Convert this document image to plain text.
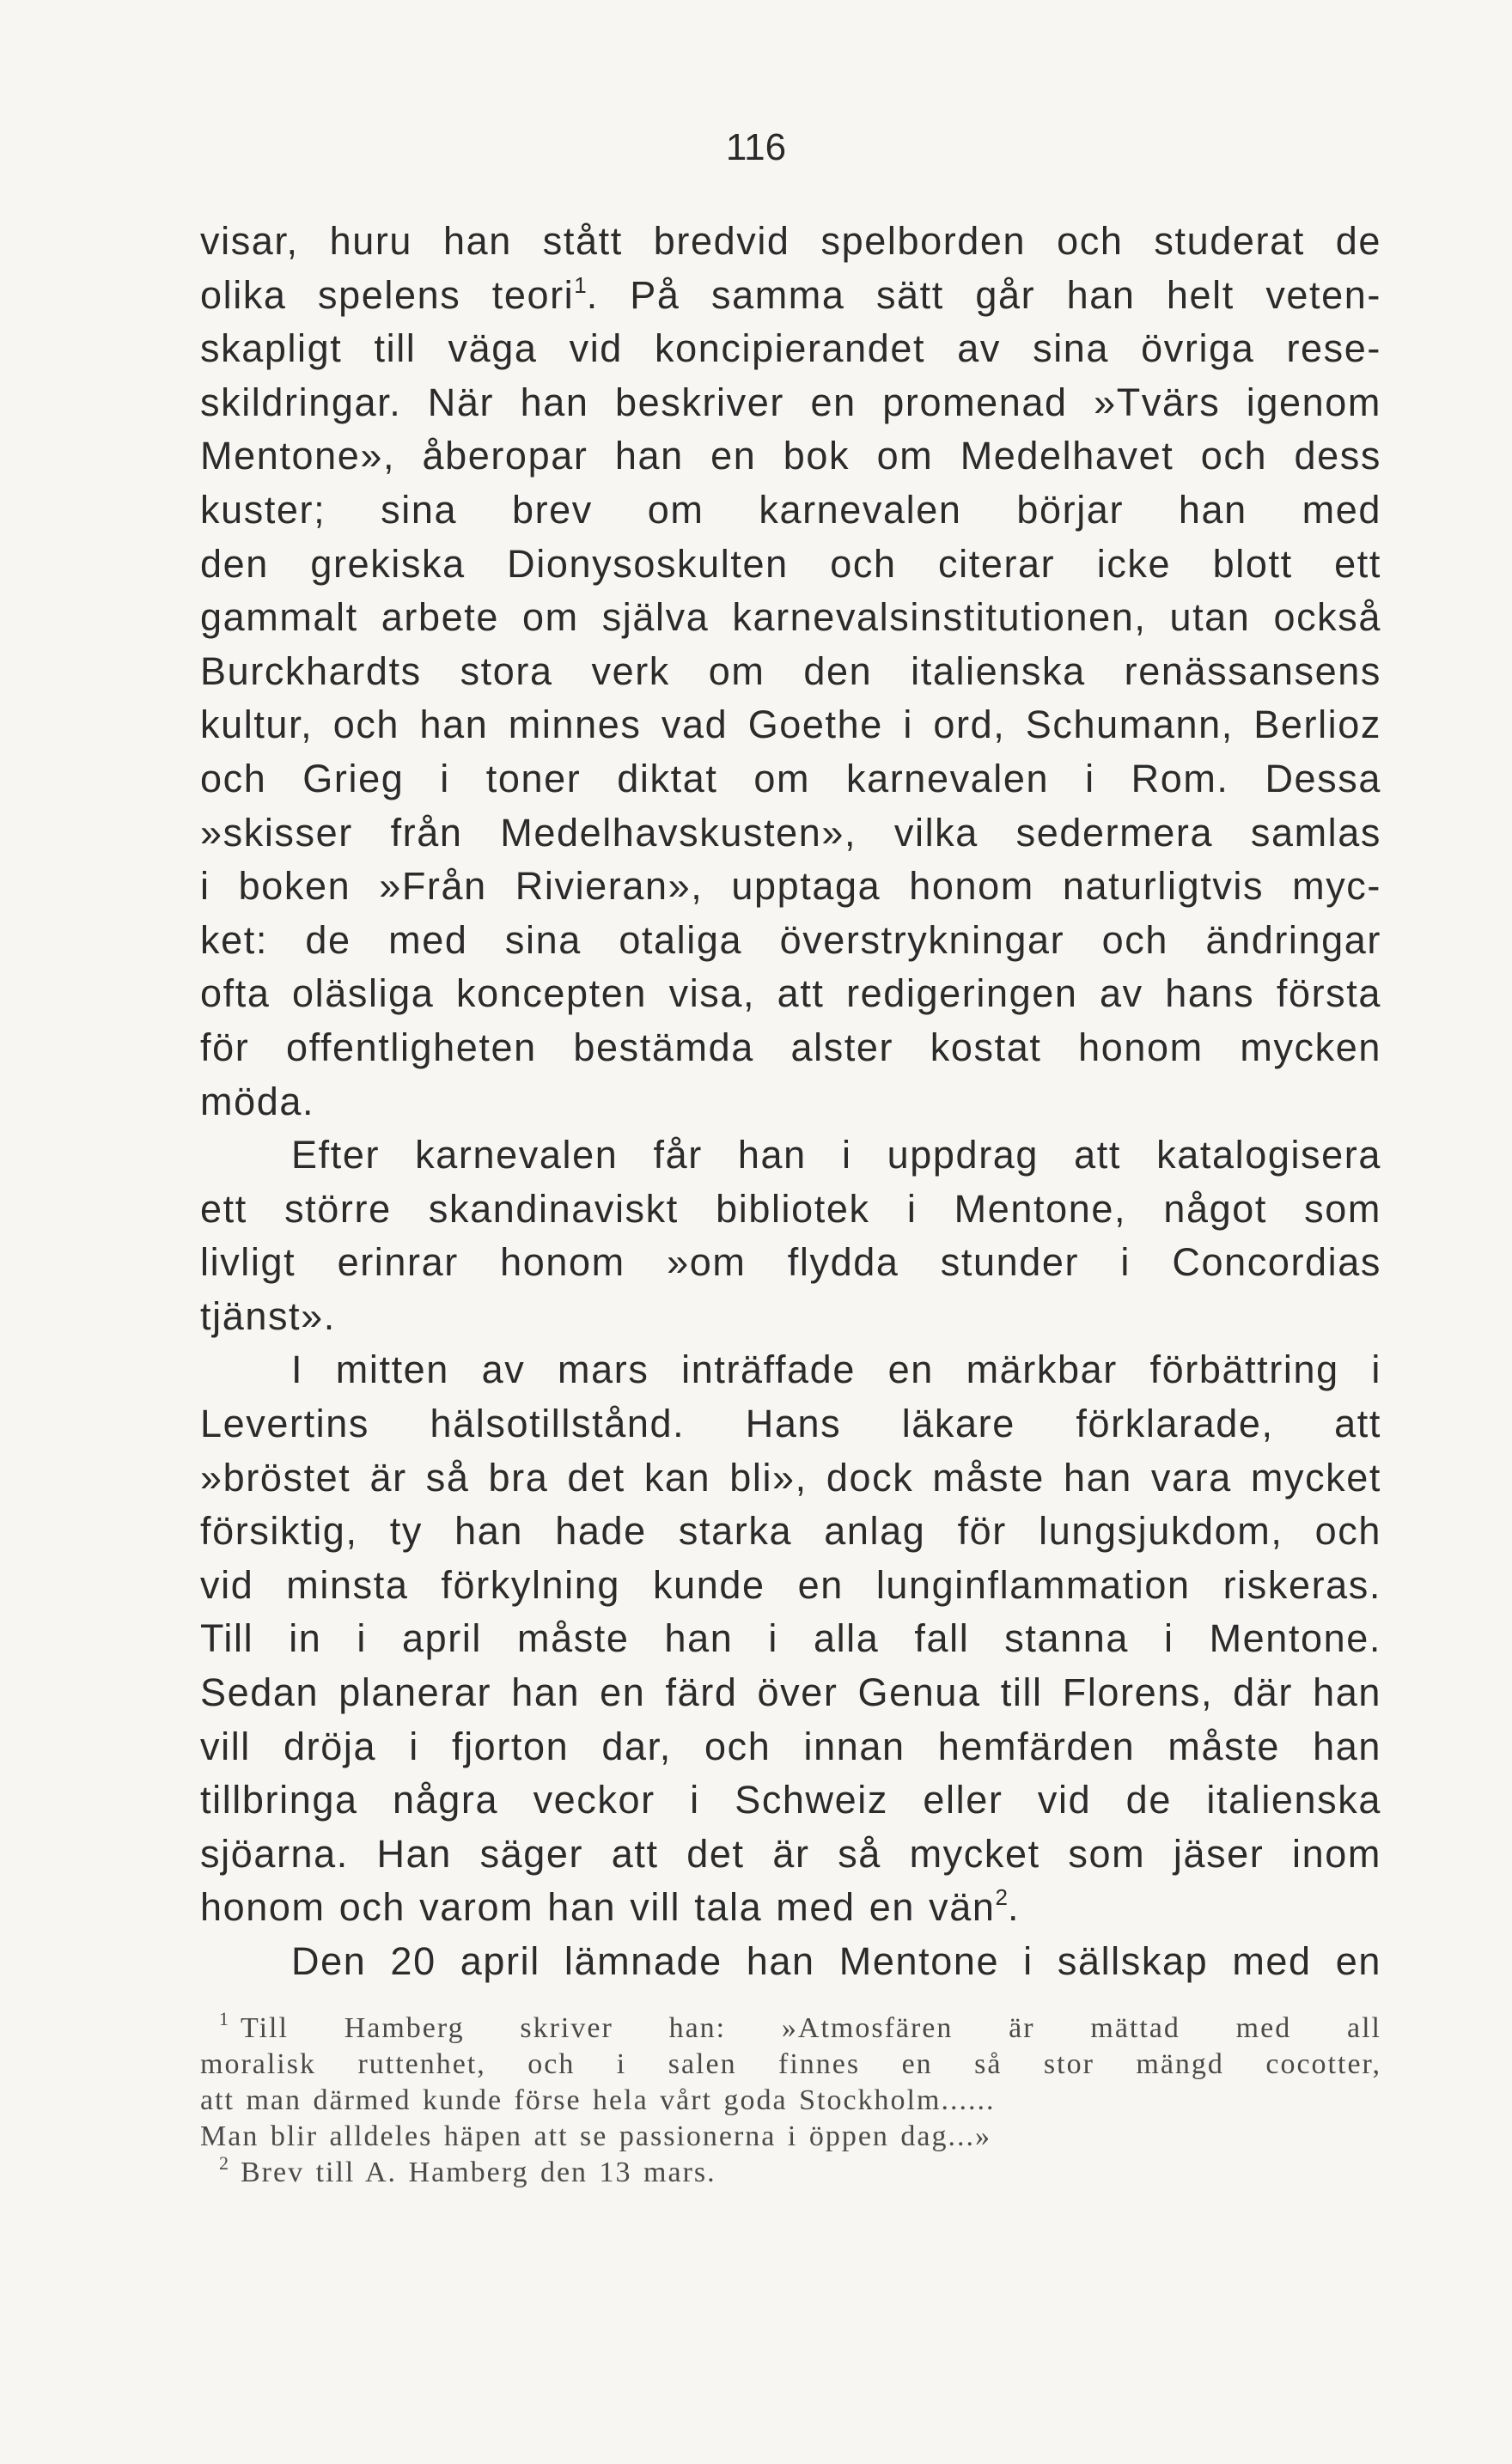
116
visar, huru han stått bredvid spelborden och studerat de
olika spelens teori$^1$. På samma sätt går han helt veten-
skapligt till väga vid koncipierandet av sina övriga rese-
skildringar. När han beskriver en promenad »Tvärs igenom
Mentone», åberopar han en bok om Medelhavet och dess
kuster; sina brev om karnevalen börjar han med
den grekiska Dionysoskulten och citerar icke blott ett
gammalt arbete om själva karnevalsinstitutionen, utan också
Burckhardts stora verk om den italienska renässansens
kultur, och han minnes vad Goethe i ord, Schumann, Berlioz
och Grieg i toner diktat om karnevalen i Rom. Dessa
»skisser från Medelhavskusten», vilka sedermera samlas
i boken »Från Rivieran», upptaga honom naturligtvis myc-
ket: de med sina otaliga överstrykningar och ändringar
ofta oläsliga koncepten visa, att redigeringen av hans första
för offentligheten bestämda alster kostat honom mycken
möda.
Efter karnevalen får han i uppdrag att katalogisera
ett större skandinaviskt bibliotek i Mentone, något som
livligt erinrar honom »om flydda stunder i Concordias
tjänst».
I mitten av mars inträffade en märkbar förbättring i
Levertins hälsotillstånd. Hans läkare förklarade, att
»bröstet är så bra det kan bli», dock måste han vara mycket
försiktig, ty han hade starka anlag för lungsjukdom, och
vid minsta förkylning kunde en lunginflammation riskeras.
Till in i april måste han i alla fall stanna i Mentone.
Sedan planerar han en färd över Genua till Florens, där han
vill dröja i fjorton dar, och innan hemfärden måste han
tillbringa några veckor i Schweiz eller vid de italienska
sjöarna. Han säger att det är så mycket som jäser inom
honom och varom han vill tala med en vän$^2$.
Den 20 april lämnade han Mentone i sällskap med en
$^1$ Till Hamberg skriver han: »Atmosfären är mättad med all
moralisk ruttenhet, och i salen finnes en så stor mängd cocotter,
att man därmed kunde förse hela vårt goda Stockholm......
Man blir alldeles häpen att se passionerna i öppen dag...»
$^2$ Brev till A. Hamberg den 13 mars.
